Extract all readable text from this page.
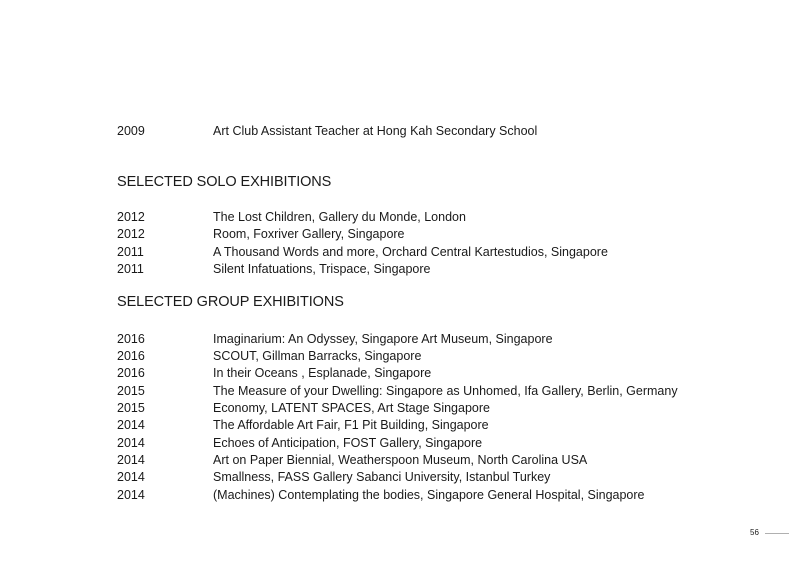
2009	Art Club Assistant Teacher at Hong Kah Secondary School
SELECTED SOLO EXHIBITIONS
2012	The Lost Children, Gallery du Monde, London
2012	Room, Foxriver Gallery, Singapore
2011	A Thousand Words and more, Orchard Central Kartestudios, Singapore
2011	Silent Infatuations, Trispace, Singapore
SELECTED GROUP EXHIBITIONS
2016	Imaginarium: An Odyssey, Singapore Art Museum, Singapore
2016	SCOUT, Gillman Barracks, Singapore
2016	In their Oceans , Esplanade, Singapore
2015	The Measure of your Dwelling: Singapore as Unhomed, Ifa Gallery, Berlin, Germany
2015	Economy, LATENT SPACES, Art Stage Singapore
2014	The Affordable Art Fair, F1 Pit Building, Singapore
2014	Echoes of Anticipation, FOST Gallery, Singapore
2014	Art on Paper Biennial, Weatherspoon Museum, North Carolina USA
2014	Smallness, FASS Gallery Sabanci University, Istanbul Turkey
2014	(Machines) Contemplating the bodies, Singapore General Hospital, Singapore
56
